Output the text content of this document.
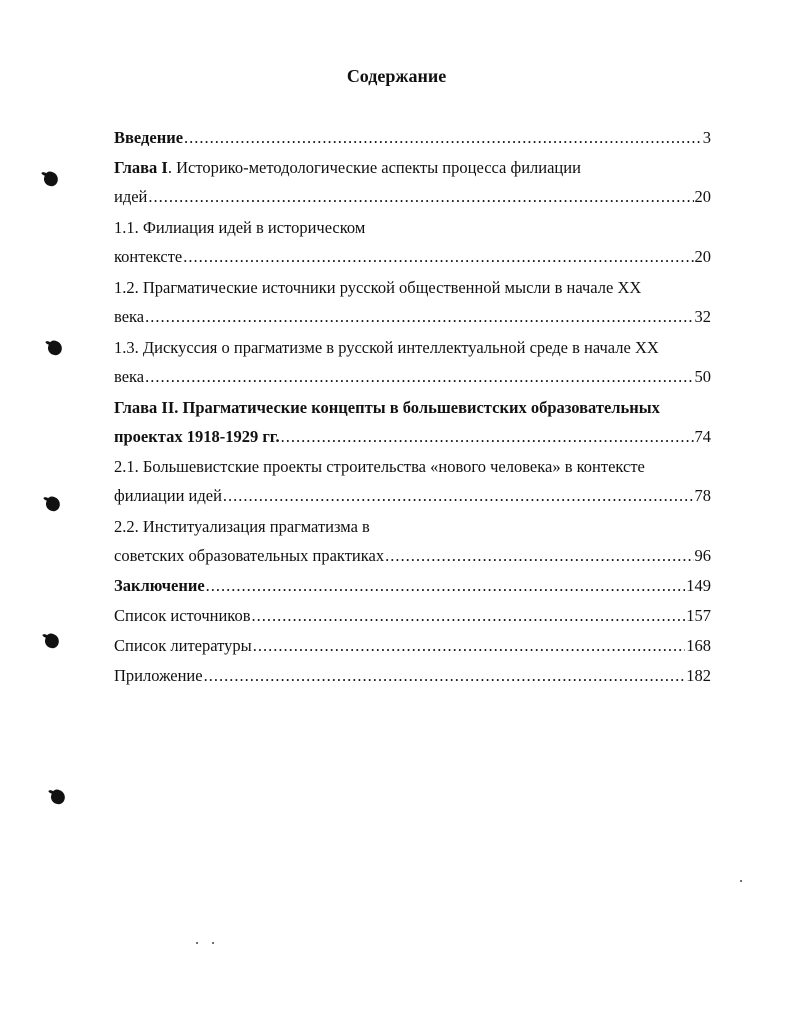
Содержание
Введение .....	3
Глава I. Историко-методологические аспекты процесса филиации
идей .....	20
1.1. Филиация идей в историческом
контексте .....	20
1.2. Прагматические источники русской общественной мысли в начале XX
века .....	32
1.3. Дискуссия о прагматизме в русской интеллектуальной среде в начале XX
века .....	50
Глава II. Прагматические концепты в большевистских образовательных
проектах 1918-1929 гг. .....	74
2.1. Большевистские проекты строительства «нового человека» в контексте
филиации идей .....	78
2.2. Институализация прагматизма в
советских образовательных практиках .....	96
Заключение .....	149
Список источников .....	157
Список литературы .....	168
Приложение .....	182
